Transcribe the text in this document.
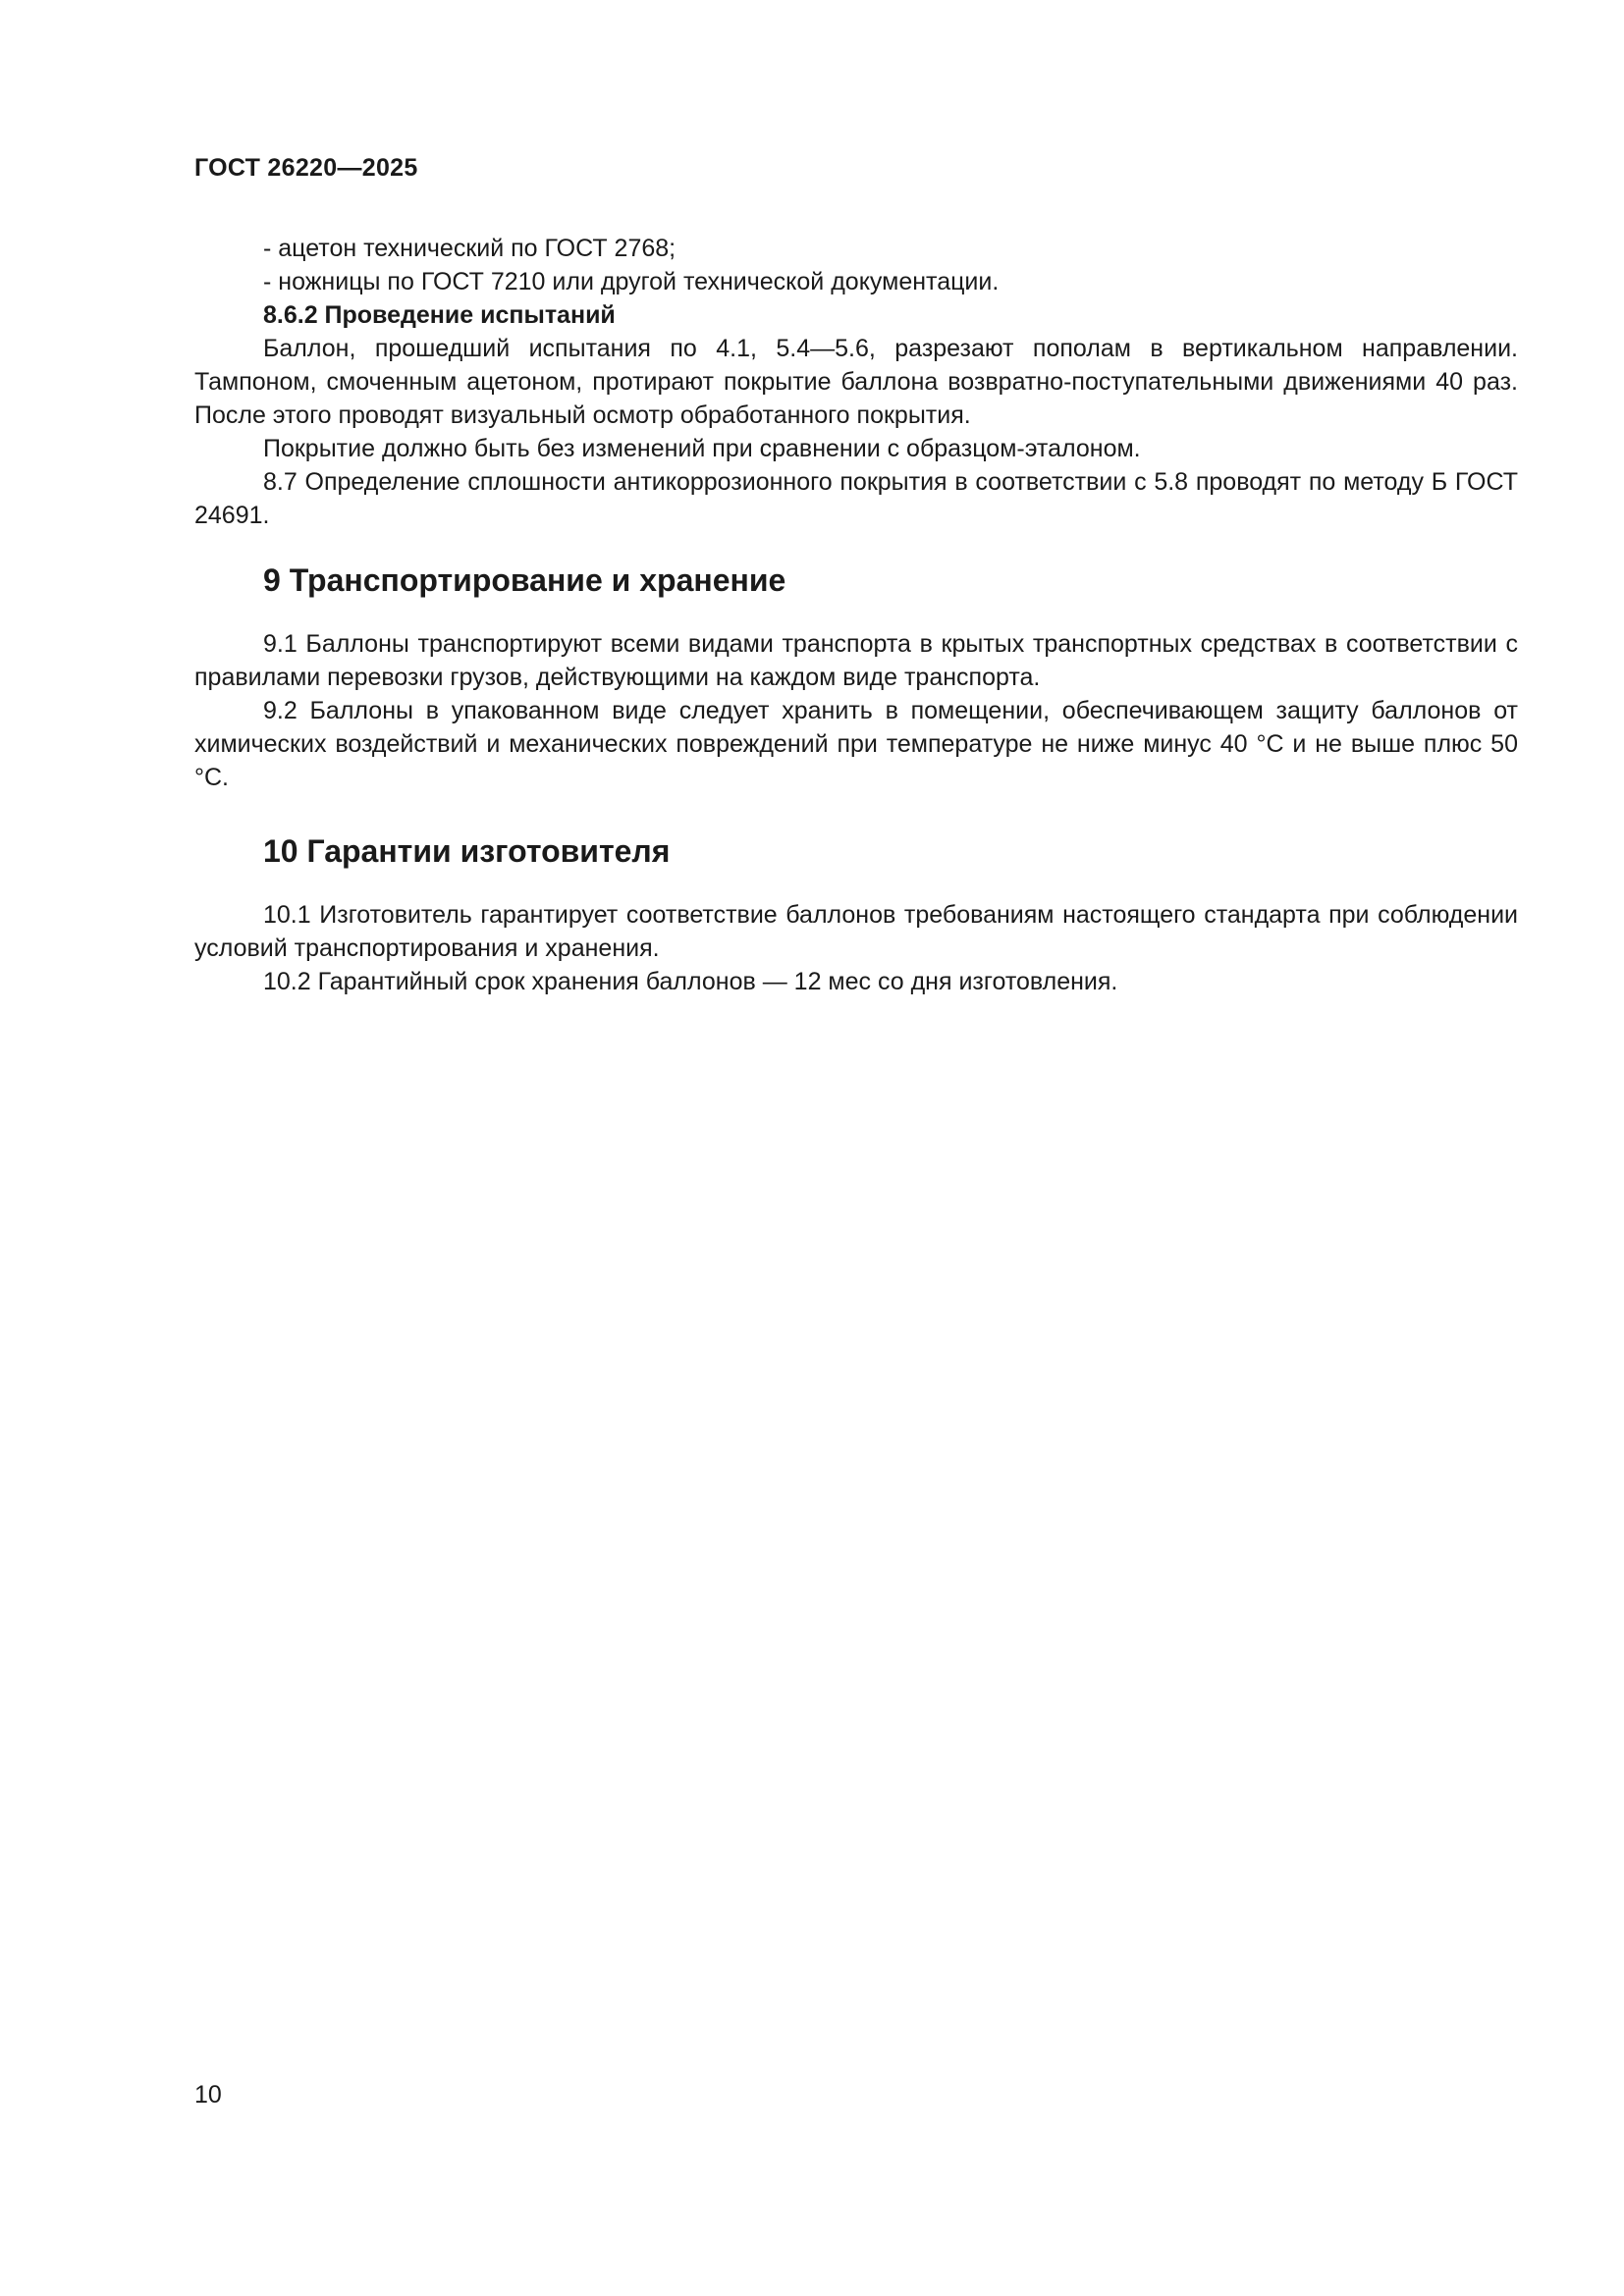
ГОСТ 26220—2025

- ацетон технический по ГОСТ 2768;

- ножницы по ГОСТ 7210 или другой технической документации.

8.6.2 Проведение испытаний

Баллон, прошедший испытания по 4.1, 5.4—5.6, разрезают пополам в вертикальном направлении. Тампоном, смоченным ацетоном, протирают покрытие баллона возвратно-поступательными движениями 40 раз. После этого проводят визуальный осмотр обработанного покрытия.

Покрытие должно быть без изменений при сравнении с образцом-эталоном.

8.7 Определение сплошности антикоррозионного покрытия в соответствии с 5.8 проводят по методу Б ГОСТ 24691.

9 Транспортирование и хранение

9.1 Баллоны транспортируют всеми видами транспорта в крытых транспортных средствах в соответствии с правилами перевозки грузов, действующими на каждом виде транспорта.

9.2 Баллоны в упакованном виде следует хранить в помещении, обеспечивающем защиту баллонов от химических воздействий и механических повреждений при температуре не ниже минус 40 °С и не выше плюс 50 °С.

10 Гарантии изготовителя

10.1 Изготовитель гарантирует соответствие баллонов требованиям настоящего стандарта при соблюдении условий транспортирования и хранения.

10.2 Гарантийный срок хранения баллонов — 12 мес со дня изготовления.

10
